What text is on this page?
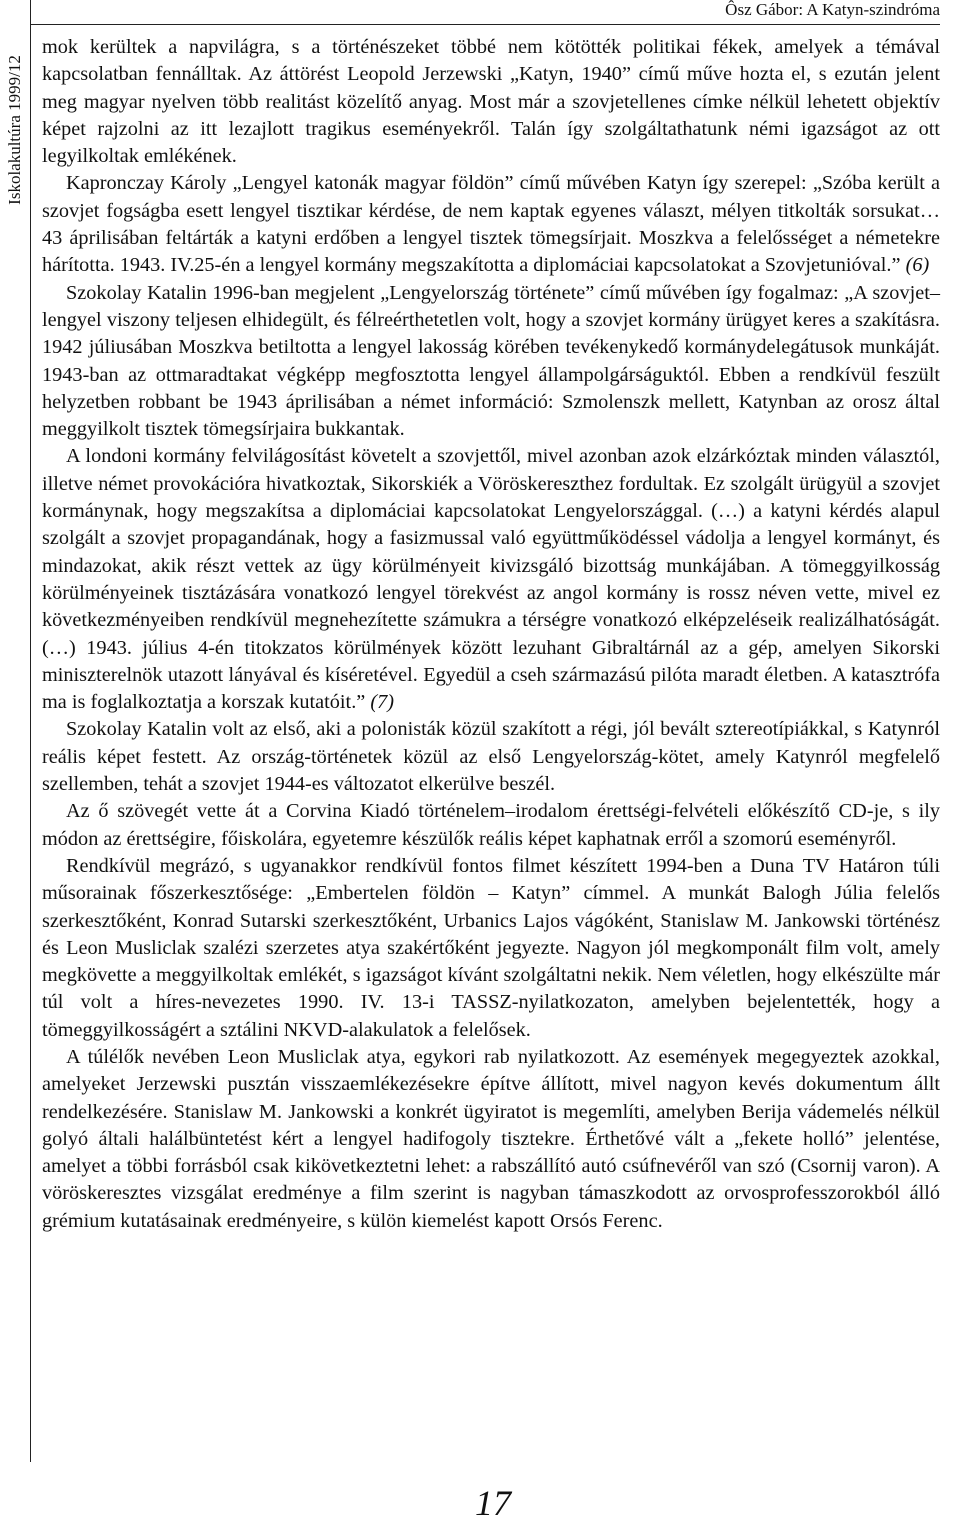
Iskolakultúra 1999/12
Ôsz Gábor: A Katyn-szindróma

mok kerültek a napvilágra, s a történészeket többé nem kötötték politikai fékek, amelyek a témával kapcsolatban fennálltak. Az áttörést Leopold Jerzewski „Katyn, 1940” című műve hozta el, s ezután jelent meg magyar nyelven több realitást közelítő anyag. Most már a szovjetellenes címke nélkül lehetett objektív képet rajzolni az itt lezajlott tragikus eseményekről. Talán így szolgáltathatunk némi igazságot az ott legyilkoltak emlékének.

Kapronczay Károly „Lengyel katonák magyar földön” című művében Katyn így szerepel: „Szóba került a szovjet fogságba esett lengyel tisztikar kérdése, de nem kaptak egyenes választ, mélyen titkolták sorsukat… 43 áprilisában feltárták a katyni erdőben a lengyel tisztek tömegsírjait. Moszkva a felelősséget a németekre hárította. 1943. IV.25-én a lengyel kormány megszakította a diplomáciai kapcsolatokat a Szovjetunióval.” (6)

Szokolay Katalin 1996-ban megjelent „Lengyelország története” című művében így fogalmaz: „A szovjet–lengyel viszony teljesen elhidegült, és félreérthetetlen volt, hogy a szovjet kormány ürügyet keres a szakításra. 1942 júliusában Moszkva betiltotta a lengyel lakosság körében tevékenykedő kormánydelegátusok munkáját. 1943-ban az ottmaradtakat végképp megfosztotta lengyel állampolgárságuktól. Ebben a rendkívül feszült helyzetben robbant be 1943 áprilisában a német információ: Szmolenszk mellett, Katynban az orosz által meggyilkolt tisztek tömegsírjaira bukkantak.

A londoni kormány felvilágosítást követelt a szovjettől, mivel azonban azok elzárkóztak minden választól, illetve német provokációra hivatkoztak, Sikorskiék a Vöröskereszthez fordultak. Ez szolgált ürügyül a szovjet kormánynak, hogy megszakítsa a diplomáciai kapcsolatokat Lengyelországgal. (…) a katyni kérdés alapul szolgált a szovjet propagandának, hogy a fasizmussal való együttműködéssel vádolja a lengyel kormányt, és mindazokat, akik részt vettek az ügy körülményeit kivizsgáló bizottság munkájában. A tömeggyilkosság körülményeinek tisztázására vonatkozó lengyel törekvést az angol kormány is rossz néven vette, mivel ez következményeiben rendkívül megnehezítette számukra a térségre vonatkozó elképzeléseik realizálhatóságát. (…) 1943. július 4-én titokzatos körülmények között lezuhant Gibraltárnál az a gép, amelyen Sikorski miniszterelnök utazott lányával és kíséretével. Egyedül a cseh származású pilóta maradt életben. A katasztrófa ma is foglalkoztatja a korszak kutatóit.” (7)

Szokolay Katalin volt az első, aki a polonisták közül szakított a régi, jól bevált sztereotípiákkal, s Katynról reális képet festett. Az ország-történetek közül az első Lengyelország-kötet, amely Katynról megfelelő szellemben, tehát a szovjet 1944-es változatot elkerülve beszél.

Az ő szövegét vette át a Corvina Kiadó történelem–irodalom érettségi-felvételi előkészítő CD-je, s ily módon az érettségire, főiskolára, egyetemre készülők reális képet kaphatnak erről a szomorú eseményről.

Rendkívül megrázó, s ugyanakkor rendkívül fontos filmet készített 1994-ben a Duna TV Határon túli műsorainak főszerkesztősége: „Embertelen földön – Katyn” címmel. A munkát Balogh Júlia felelős szerkesztőként, Konrad Sutarski szerkesztőként, Urbanics Lajos vágóként, Stanislaw M. Jankowski történész és Leon Musliclak szalézi szerzetes atya szakértőként jegyezte. Nagyon jól megkomponált film volt, amely megkövette a meggyilkoltak emlékét, s igazságot kívánt szolgáltatni nekik. Nem véletlen, hogy elkészülte már túl volt a híres-nevezetes 1990. IV. 13-i TASSZ-nyilatkozaton, amelyben bejelentették, hogy a tömeggyilkosságért a sztálini NKVD-alakulatok a felelősek.

A túlélők nevében Leon Musliclak atya, egykori rab nyilatkozott. Az események megegyeztek azokkal, amelyeket Jerzewski pusztán visszaemlékezésekre építve állított, mivel nagyon kevés dokumentum állt rendelkezésére. Stanislaw M. Jankowski a konkrét ügyiratot is megemlíti, amelyben Berija vádemelés nélkül golyó általi halálbüntetést kért a lengyel hadifogoly tisztekre. Érthetővé vált a „fekete holló” jelentése, amelyet a többi forrásból csak kikövetkeztetni lehet: a rabszállító autó csúfnevéről van szó (Csornij varon). A vöröskeresztes vizsgálat eredménye a film szerint is nagyban támaszkodott az orvosprofesszorokból álló grémium kutatásainak eredményeire, s külön kiemelést kapott Orsós Ferenc.

17
